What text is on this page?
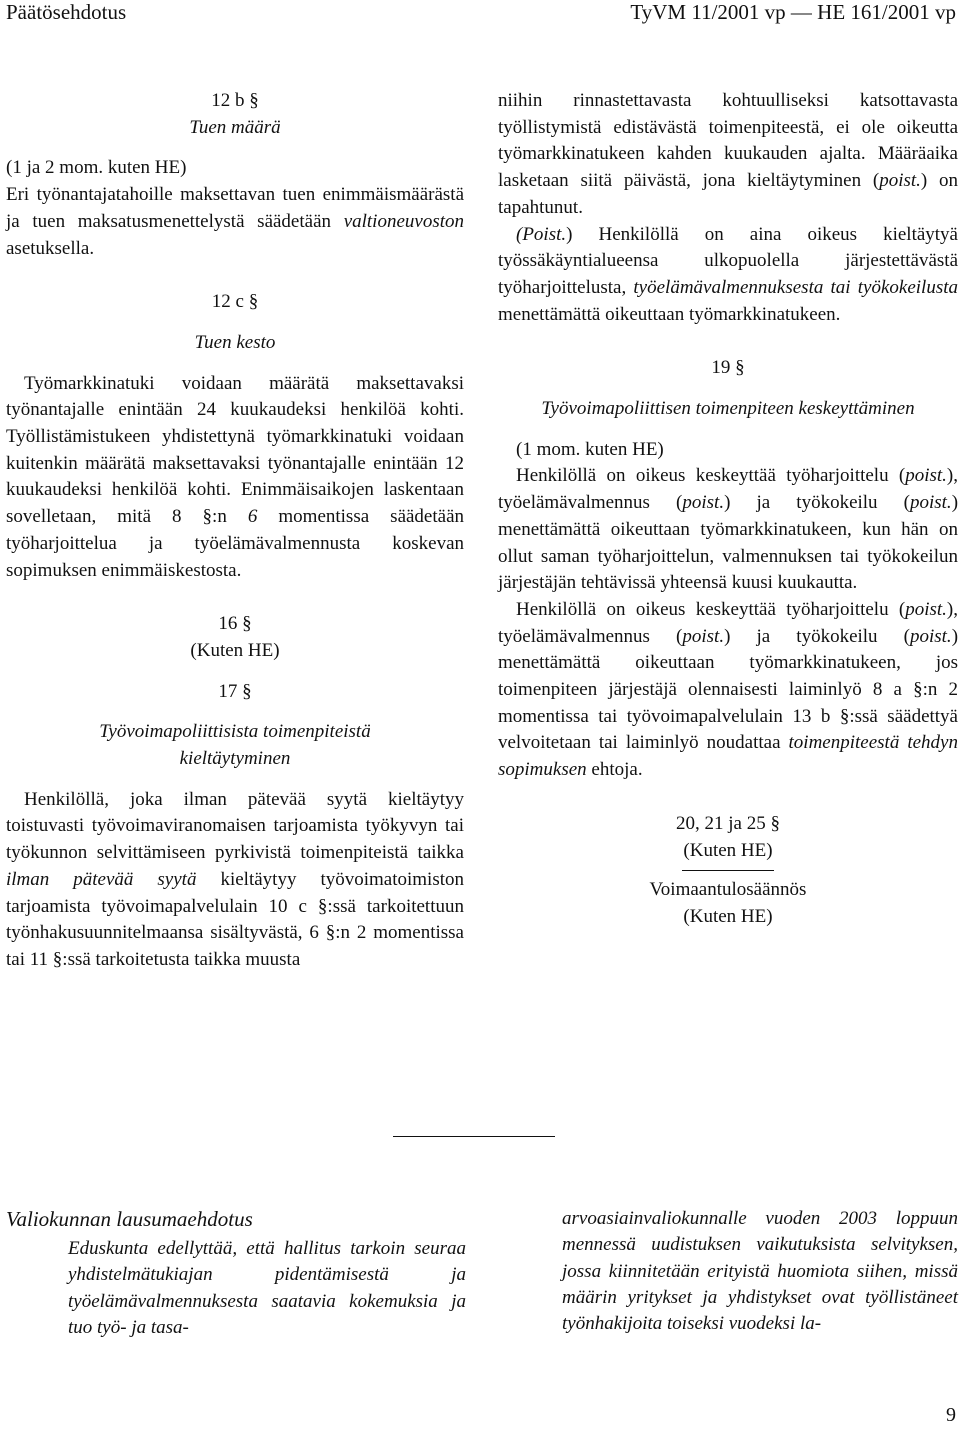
Päätösehdotus	TyVM 11/2001 vp — HE 161/2001 vp

12 b §

Tuen määrä

(1 ja 2 mom. kuten HE)

Eri työnantajatahoille maksettavan tuen enimmäismäärästä ja tuen maksatusmenettelystä säädetään valtioneuvoston asetuksella.

12 c §

Tuen kesto

Työmarkkinatuki voidaan määrätä maksettavaksi työnantajalle enintään 24 kuukaudeksi henkilöä kohti. Työllistämistukeen yhdistettynä työmarkkinatuki voidaan kuitenkin määrätä maksettavaksi työnantajalle enintään 12 kuukaudeksi henkilöä kohti. Enimmäisaikojen laskentaan sovelletaan, mitä 8 §:n 6 momentissa säädetään työharjoittelua ja työelämävalmennusta koskevan sopimuksen enimmäiskestosta.

16 §

(Kuten HE)

17 §

Työvoimapoliittisista toimenpiteistä kieltäytyminen

Henkilöllä, joka ilman pätevää syytä kieltäytyy toistuvasti työvoimaviranomaisen tarjoamista työkyvyn tai työkunnon selvittämiseen pyrkivistä toimenpiteistä taikka ilman pätevää syytä kieltäytyy työvoimatoimiston tarjoamista työvoimapalvelulain 10 c §:ssä tarkoitettuun työnhakusuunnitelmaansa sisältyvästä, 6 §:n 2 momentissa tai 11 §:ssä tarkoitetusta taikka muusta

niihin rinnastettavasta kohtuulliseksi katsottavasta työllistymistä edistävästä toimenpiteestä, ei ole oikeutta työmarkkinatukeen kahden kuukauden ajalta. Määräaika lasketaan siitä päivästä, jona kieltäytyminen (poist.) on tapahtunut.

(Poist.) Henkilöllä on aina oikeus kieltäytyä työssäkäyntialueensa ulkopuolella järjestettävästä työharjoittelusta, työelämävalmennuksesta tai työkokeilusta menettämättä oikeuttaan työmarkkinatukeen.

19 §

Työvoimapoliittisen toimenpiteen keskeyttäminen

(1 mom. kuten HE)

Henkilöllä on oikeus keskeyttää työharjoittelu (poist.), työelämävalmennus (poist.) ja työkokeilu (poist.) menettämättä oikeuttaan työmarkkinatukeen, kun hän on ollut saman työharjoittelun, valmennuksen tai työkokeilun järjestäjän tehtävissä yhteensä kuusi kuukautta.

Henkilöllä on oikeus keskeyttää työharjoittelu (poist.), työelämävalmennus (poist.) ja työkokeilu (poist.) menettämättä oikeuttaan työmarkkinatukeen, jos toimenpiteen järjestäjä olennaisesti laiminlyö 8 a §:n 2 momentissa tai työvoimapalvelulain 13 b §:ssä säädettyä velvoitetaan tai laiminlyö noudattaa toimenpiteestä tehdyn sopimuksen ehtoja.

20, 21 ja 25 §

(Kuten HE)

Voimaantulosäännös

(Kuten HE)

Valiokunnan lausumaehdotus

Eduskunta edellyttää, että hallitus tarkoin seuraa yhdistelmätukiajan pidentämisestä ja työelämävalmennuksesta saatavia kokemuksia ja tuo työ- ja tasa-

arvoasiainvaliokunnalle vuoden 2003 loppuun mennessä uudistuksen vaikutuksista selvityksen, jossa kiinnitetään erityistä huomiota siihen, missä määrin yritykset ja yhdistykset ovat työllistäneet työnhakijoita toiseksi vuodeksi la-

9
